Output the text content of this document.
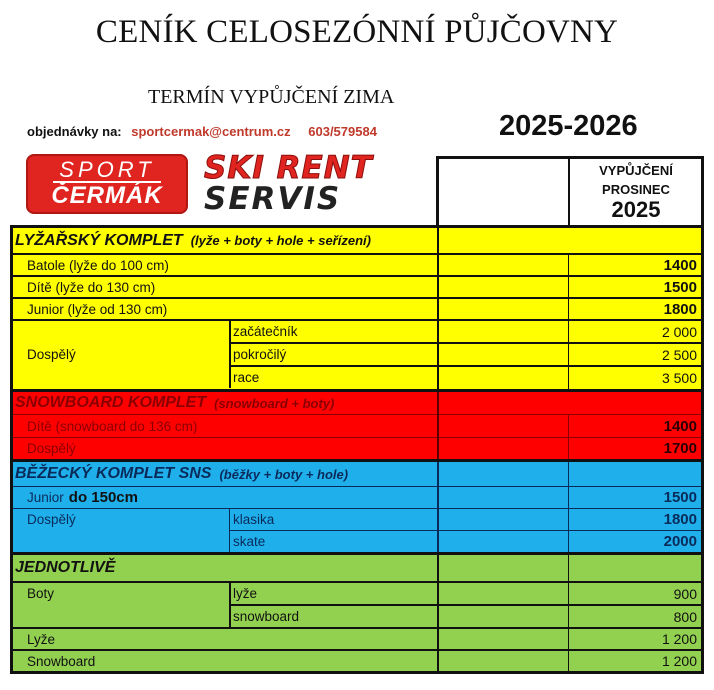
CENÍK CELOSEZÓNNÍ PŮJČOVNY
TERMÍN VYPŮJČENÍ ZIMA
objednávky na: sportcermak@centrum.cz 603/579584	2025-2026
SPORT
ČERMÁK
SKI RENT
SERVIS
VYPŮJČENÍ
PROSINEC
2025
LYŽAŘSKÝ KOMPLET (lyže + boty + hole + seřízení)
Batole (lyže do 100 cm)	1400
Dítě (lyže do 130 cm)	1500
Junior (lyže od 130 cm)	1800
Dospělý
začátečník	2 000
pokročilý	2 500
race	3 500
SNOWBOARD KOMPLET (snowboard + boty)
Dítě (snowboard do 136 cm)	1400
Dospělý	1700
BĚŽECKÝ KOMPLET SNS (běžky + boty + hole)
Junior do 150cm	1500
Dospělý	klasika	1800
skate	2000
JEDNOTLIVĚ
Boty	lyže	900
snowboard	800
Lyže	1 200
Snowboard	1 200
